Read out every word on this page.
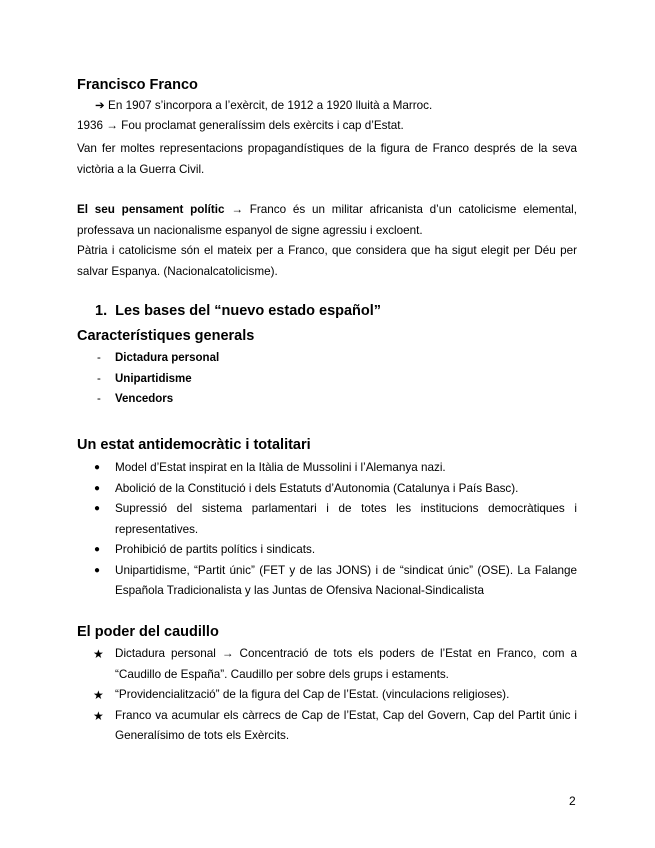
Francisco Franco
➔ En 1907 s’incorpora a l’exèrcit, de 1912 a 1920 lluità a Marroc.
1936 → Fou proclamat generalíssim dels exèrcits i cap d’Estat.
Van fer moltes representacions propagandístiques de la figura de Franco després de la seva victòria a la Guerra Civil.
El seu pensament polític → Franco és un militar africanista d’un catolicisme elemental, professava un nacionalisme espanyol de signe agressiu i excloent.
Pàtria i catolicisme són el mateix per a Franco, que considera que ha sigut elegit per Déu per salvar Espanya. (Nacionalcatolicisme).
1. Les bases del “nuevo estado español”
Característiques generals
- Dictadura personal
- Unipartidisme
- Vencedors
Un estat antidemocràtic i totalitari
● Model d’Estat inspirat en la Itàlia de Mussolini i l’Alemanya nazi.
● Abolició de la Constitució i dels Estatuts d’Autonomia (Catalunya i País Basc).
● Supressió del sistema parlamentari i de totes les institucions democràtiques i representatives.
● Prohibició de partits polítics i sindicats.
● Unipartidisme, “Partit únic” (FET y de las JONS) i de “sindicat únic” (OSE). La Falange Española Tradicionalista y las Juntas de Ofensiva Nacional-Sindicalista
El poder del caudillo
★ Dictadura personal → Concentració de tots els poders de l’Estat en Franco, com a “Caudillo de España”. Caudillo per sobre dels grups i estaments.
★ “Providencialització” de la figura del Cap de l’Estat. (vinculacions religioses).
★ Franco va acumular els càrrecs de Cap de l’Estat, Cap del Govern, Cap del Partit únic i Generalísimo de tots els Exèrcits.
2
